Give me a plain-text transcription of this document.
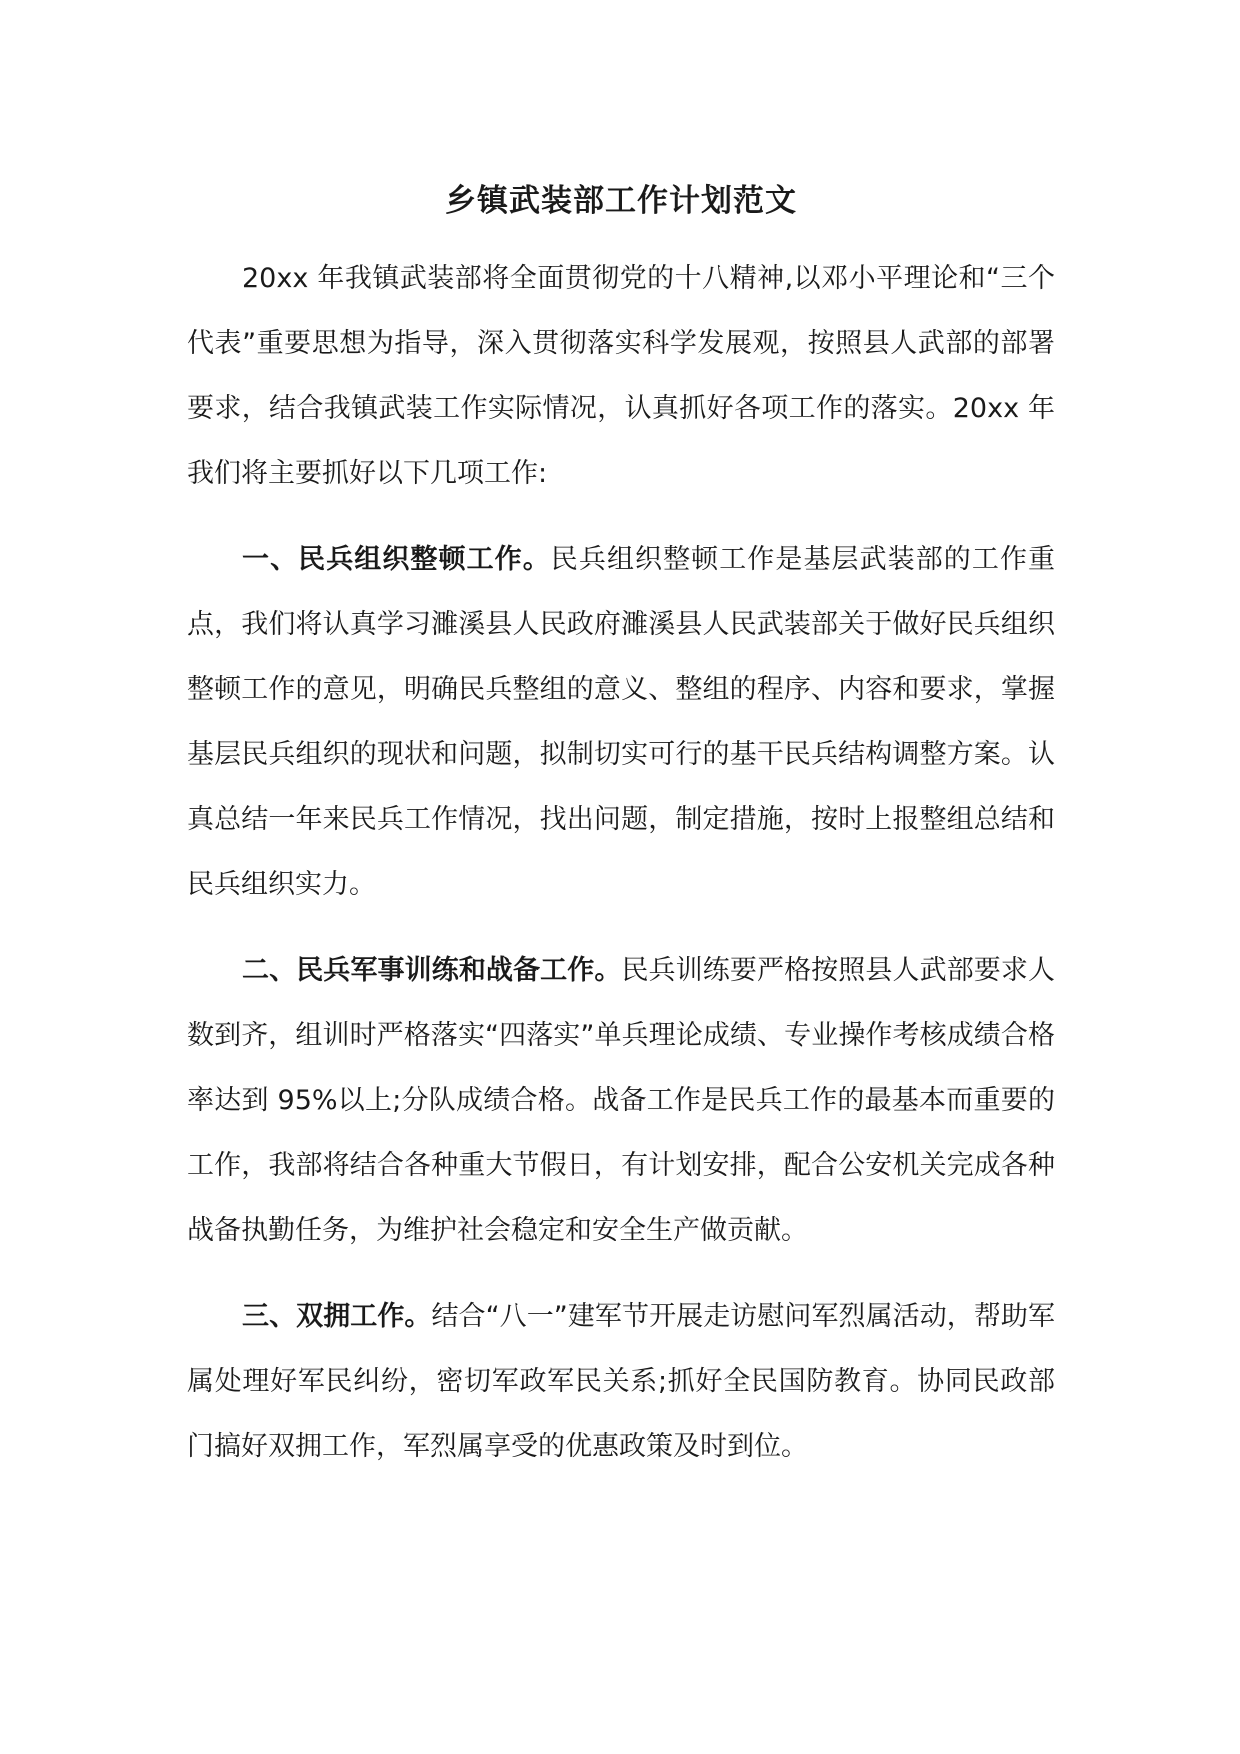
乡镇武装部工作计划范文

20xx 年我镇武装部将全面贯彻党的十八精神,以邓小平理论和“三个代表”重要思想为指导，深入贯彻落实科学发展观，按照县人武部的部署要求，结合我镇武装工作实际情况，认真抓好各项工作的落实。20xx 年我们将主要抓好以下几项工作:

一、民兵组织整顿工作。民兵组织整顿工作是基层武装部的工作重点，我们将认真学习濉溪县人民政府濉溪县人民武装部关于做好民兵组织整顿工作的意见，明确民兵整组的意义、整组的程序、内容和要求，掌握基层民兵组织的现状和问题，拟制切实可行的基干民兵结构调整方案。认真总结一年来民兵工作情况，找出问题，制定措施，按时上报整组总结和民兵组织实力。

二、民兵军事训练和战备工作。民兵训练要严格按照县人武部要求人数到齐，组训时严格落实“四落实”单兵理论成绩、专业操作考核成绩合格率达到 95%以上;分队成绩合格。战备工作是民兵工作的最基本而重要的工作，我部将结合各种重大节假日，有计划安排，配合公安机关完成各种战备执勤任务，为维护社会稳定和安全生产做贡献。

三、双拥工作。结合“八一”建军节开展走访慰问军烈属活动，帮助军属处理好军民纠纷，密切军政军民关系;抓好全民国防教育。协同民政部门搞好双拥工作，军烈属享受的优惠政策及时到位。
